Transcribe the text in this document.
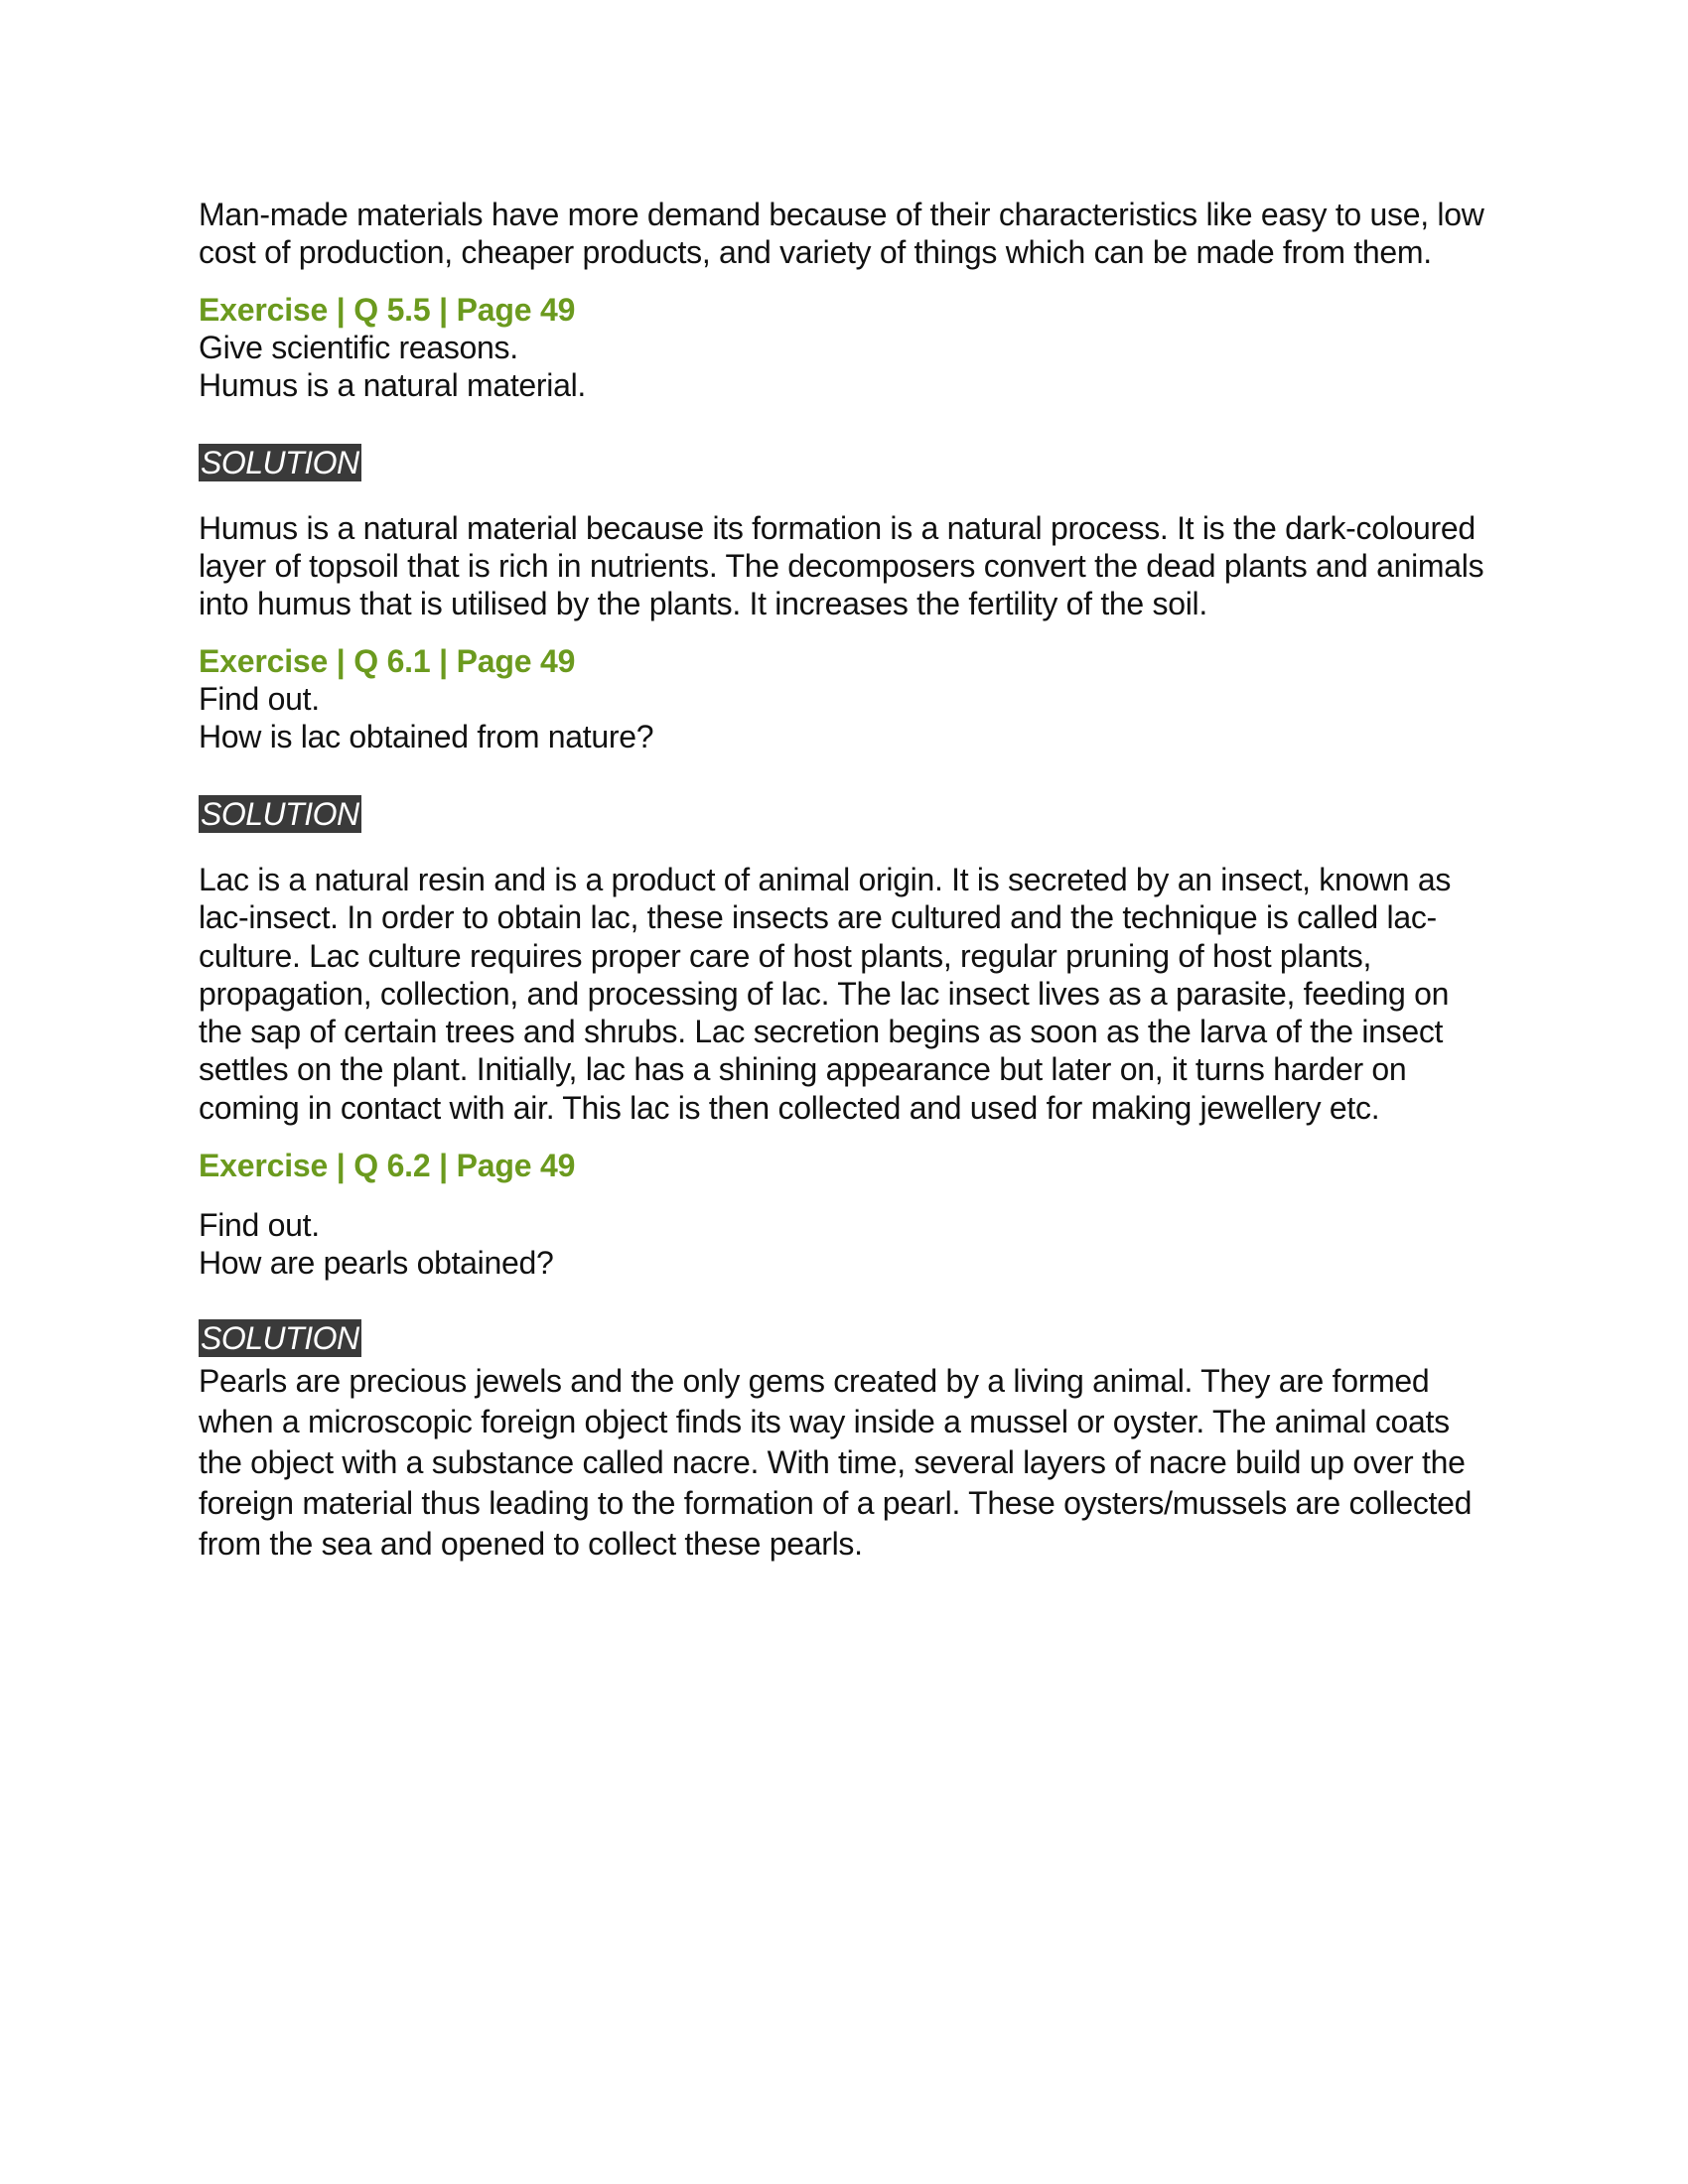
Man-made materials have more demand because of their characteristics like easy to use, low cost of production, cheaper products, and variety of things which can be made from them.

Exercise | Q 5.5 | Page 49

Give scientific reasons.

Humus is a natural material.

SOLUTION

Humus is a natural material because its formation is a natural process. It is the dark-coloured layer of topsoil that is rich in nutrients. The decomposers convert the dead plants and animals into humus that is utilised by the plants. It increases the fertility of the soil.

Exercise | Q 6.1 | Page 49

Find out.

How is lac obtained from nature?

SOLUTION

Lac is a natural resin and is a product of animal origin. It is secreted by an insect, known as lac-insect. In order to obtain lac, these insects are cultured and the technique is called lac-culture. Lac culture requires proper care of host plants, regular pruning of host plants, propagation, collection, and processing of lac. The lac insect lives as a parasite, feeding on the sap of certain trees and shrubs. Lac secretion begins as soon as the larva of the insect settles on the plant. Initially, lac has a shining appearance but later on, it turns harder on coming in contact with air. This lac is then collected and used for making jewellery etc.

Exercise | Q 6.2 | Page 49

Find out.

How are pearls obtained?

SOLUTION

Pearls are precious jewels and the only gems created by a living animal. They are formed when a microscopic foreign object finds its way inside a mussel or oyster. The animal coats the object with a substance called nacre. With time, several layers of nacre build up over the foreign material thus leading to the formation of a pearl. These oysters/mussels are collected from the sea and opened to collect these pearls.
